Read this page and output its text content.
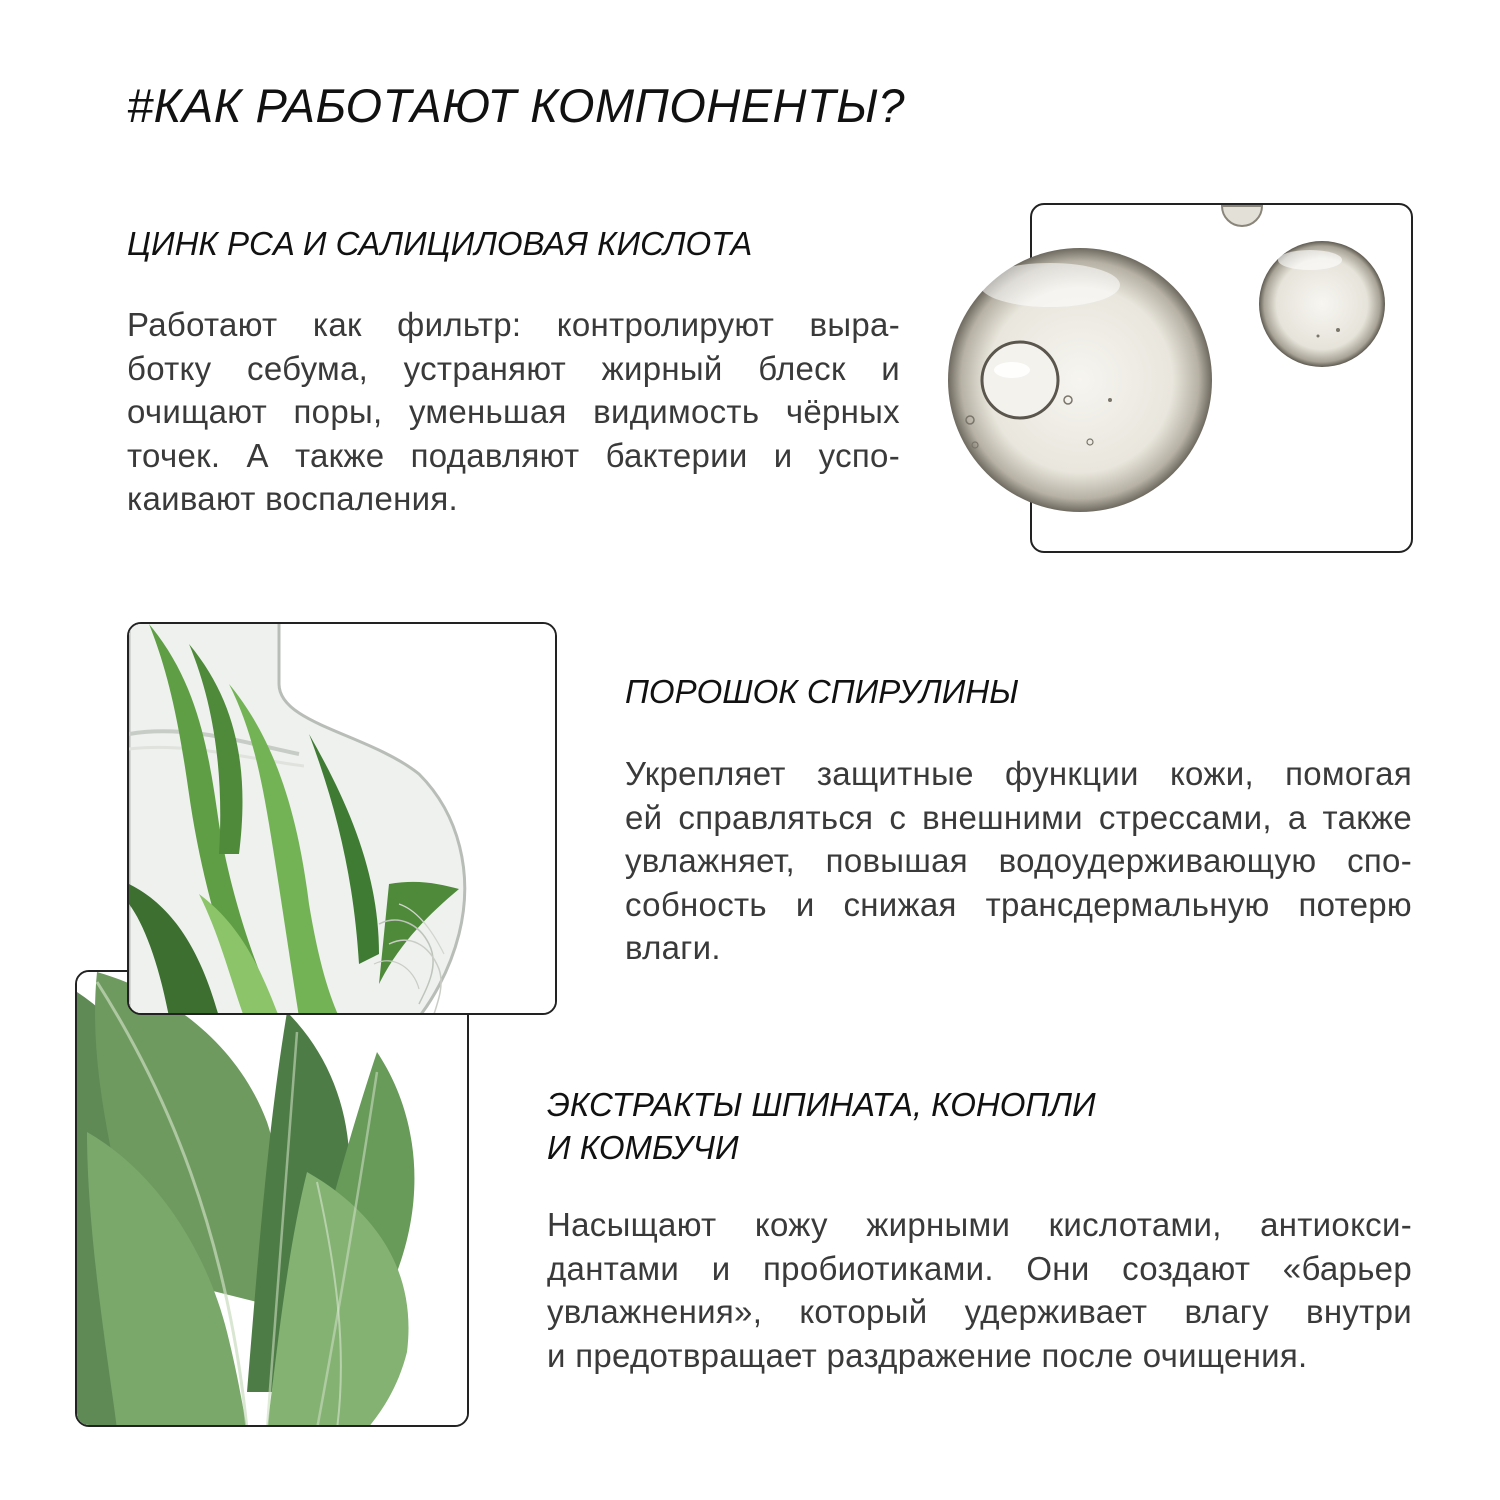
#КАК РАБОТАЮТ КОМПОНЕНТЫ?
ЦИНК PCA И САЛИЦИЛОВАЯ КИСЛОТА
Работают как фильтр: контролируют выра-
ботку себума, устраняют жирный блеск и
очищают поры, уменьшая видимость чёрных
точек. А также подавляют бактерии и успо-
каивают воспаления.
ПОРОШОК СПИРУЛИНЫ
Укрепляет защитные функции кожи, помогая
ей справляться с внешними стрессами, а также
увлажняет, повышая водоудерживающую спо-
собность и снижая трансдермальную потерю
влаги.
ЭКСТРАКТЫ ШПИНАТА, КОНОПЛИ
И КОМБУЧИ
Насыщают кожу жирными кислотами, антиокси-
дантами и пробиотиками. Они создают «барьер
увлажнения», который удерживает влагу внутри
и предотвращает раздражение после очищения.
